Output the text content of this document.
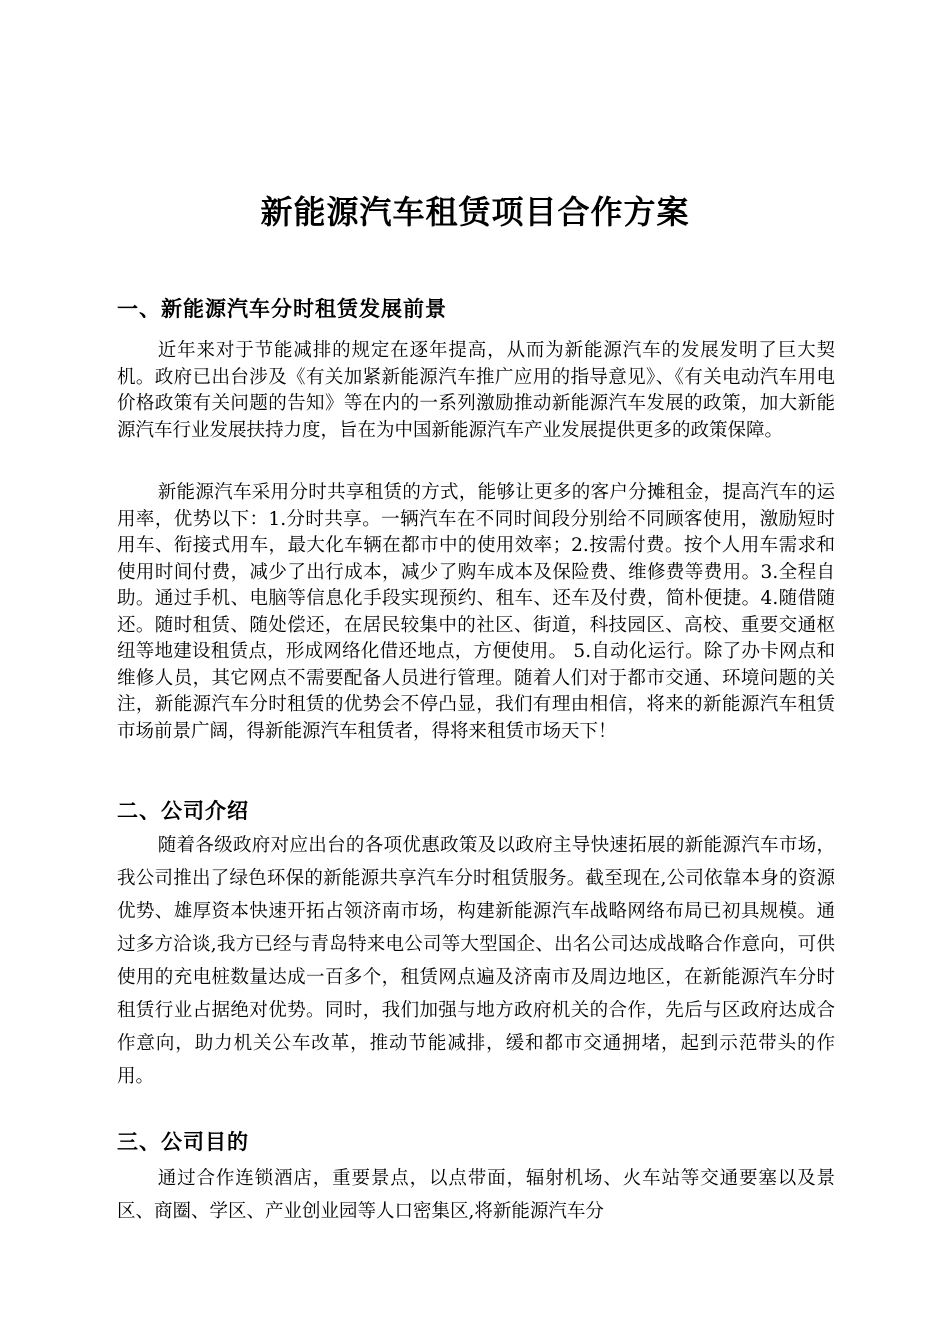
新能源汽车租赁项目合作方案
一、新能源汽车分时租赁发展前景

近年来对于节能减排的规定在逐年提高，从而为新能源汽车的发展发明了巨大契机。政府已出台涉及《有关加紧新能源汽车推广应用的指导意见》、《有关电动汽车用电价格政策有关问题的告知》等在内的一系列激励推动新能源汽车发展的政策，加大新能源汽车行业发展扶持力度，旨在为中国新能源汽车产业发展提供更多的政策保障。

新能源汽车采用分时共享租赁的方式，能够让更多的客户分摊租金，提高汽车的运用率，优势以下：1.分时共享。一辆汽车在不同时间段分别给不同顾客使用，激励短时用车、衔接式用车，最大化车辆在都市中的使用效率；2.按需付费。按个人用车需求和使用时间付费，减少了出行成本，减少了购车成本及保险费、维修费等费用。3.全程自助。通过手机、电脑等信息化手段实现预约、租车、还车及付费，简朴便捷。4.随借随还。随时租赁、随处偿还，在居民较集中的社区、街道，科技园区、高校、重要交通枢纽等地建设租赁点，形成网络化借还地点，方便使用。 5.自动化运行。除了办卡网点和维修人员，其它网点不需要配备人员进行管理。随着人们对于都市交通、环境问题的关注，新能源汽车分时租赁的优势会不停凸显，我们有理由相信，将来的新能源汽车租赁市场前景广阔，得新能源汽车租赁者，得将来租赁市场天下！

二、公司介绍

随着各级政府对应出台的各项优惠政策及以政府主导快速拓展的新能源汽车市场，我公司推出了绿色环保的新能源共享汽车分时租赁服务。截至现在,公司依靠本身的资源优势、雄厚资本快速开拓占领济南市场，构建新能源汽车战略网络布局已初具规模。通过多方洽谈,我方已经与青岛特来电公司等大型国企、出名公司达成战略合作意向，可供使用的充电桩数量达成一百多个，租赁网点遍及济南市及周边地区，在新能源汽车分时租赁行业占据绝对优势。同时，我们加强与地方政府机关的合作，先后与区政府达成合作意向，助力机关公车改革，推动节能减排，缓和都市交通拥堵，起到示范带头的作用。

三、公司目的

通过合作连锁酒店，重要景点，以点带面，辐射机场、火车站等交通要塞以及景区、商圈、学区、产业创业园等人口密集区,将新能源汽车分
